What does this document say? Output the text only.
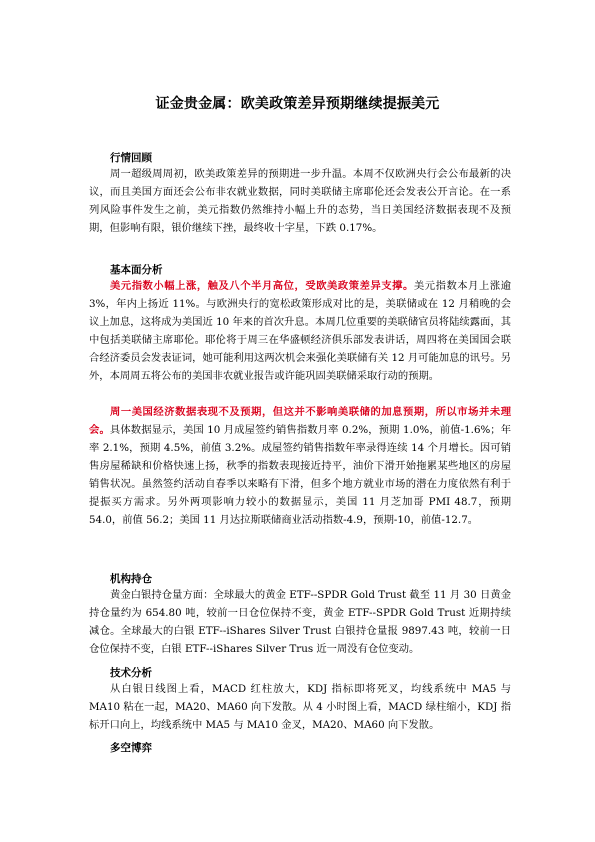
证金贵金属：欧美政策差异预期继续提振美元
行情回顾

周一超级周周初，欧美政策差异的预期进一步升温。本周不仅欧洲央行会公布最新的决议，而且美国方面还会公布非农就业数据，同时美联储主席耶伦还会发表公开言论。在一系列风险事件发生之前，美元指数仍然维持小幅上升的态势，当日美国经济数据表现不及预期，但影响有限，银价继续下挫，最终收十字星，下跌 0.17%。

基本面分析

美元指数小幅上涨，触及八个半月高位，受欧美政策差异支撑。美元指数本月上涨逾 3%，年内上扬近 11%。与欧洲央行的宽松政策形成对比的是，美联储或在 12 月稍晚的会议上加息，这将成为美国近 10 年来的首次升息。本周几位重要的美联储官员将陆续露面，其中包括美联储主席耶伦。耶伦将于周三在华盛顿经济俱乐部发表讲话，周四将在美国国会联合经济委员会发表证词，她可能利用这两次机会来强化美联储有关 12 月可能加息的讯号。另外，本周周五将公布的美国非农就业报告或许能巩固美联储采取行动的预期。

周一美国经济数据表现不及预期，但这并不影响美联储的加息预期，所以市场并未理会。具体数据显示，美国 10 月成屋签约销售指数月率 0.2%，预期 1.0%，前值-1.6%；年率 2.1%，预期 4.5%，前值 3.2%。成屋签约销售指数年率录得连续 14 个月增长。因可销售房屋稀缺和价格快速上扬，秋季的指数表现接近持平，油价下滑开始拖累某些地区的房屋销售状况。虽然签约活动自春季以来略有下滑，但多个地方就业市场的潜在力度依然有利于提振买方需求。另外两项影响力较小的数据显示，美国 11 月芝加哥 PMI 48.7，预期 54.0，前值 56.2；美国 11 月达拉斯联储商业活动指数-4.9，预期-10，前值-12.7。

机构持仓

黄金白银持仓量方面：全球最大的黄金 ETF--SPDR Gold Trust 截至 11 月 30 日黄金持仓量约为 654.80 吨，较前一日仓位保持不变，黄金 ETF--SPDR Gold Trust 近期持续减仓。全球最大的白银 ETF--iShares Silver Trust 白银持仓量报 9897.43 吨，较前一日仓位保持不变，白银 ETF--iShares Silver Trus 近一周没有仓位变动。

技术分析

从白银日线图上看，MACD 红柱放大，KDJ 指标即将死叉，均线系统中 MA5 与 MA10 粘在一起，MA20、MA60 向下发散。从 4 小时图上看，MACD 绿柱缩小，KDJ 指标开口向上，均线系统中 MA5 与 MA10 金叉，MA20、MA60 向下发散。

多空博弈
